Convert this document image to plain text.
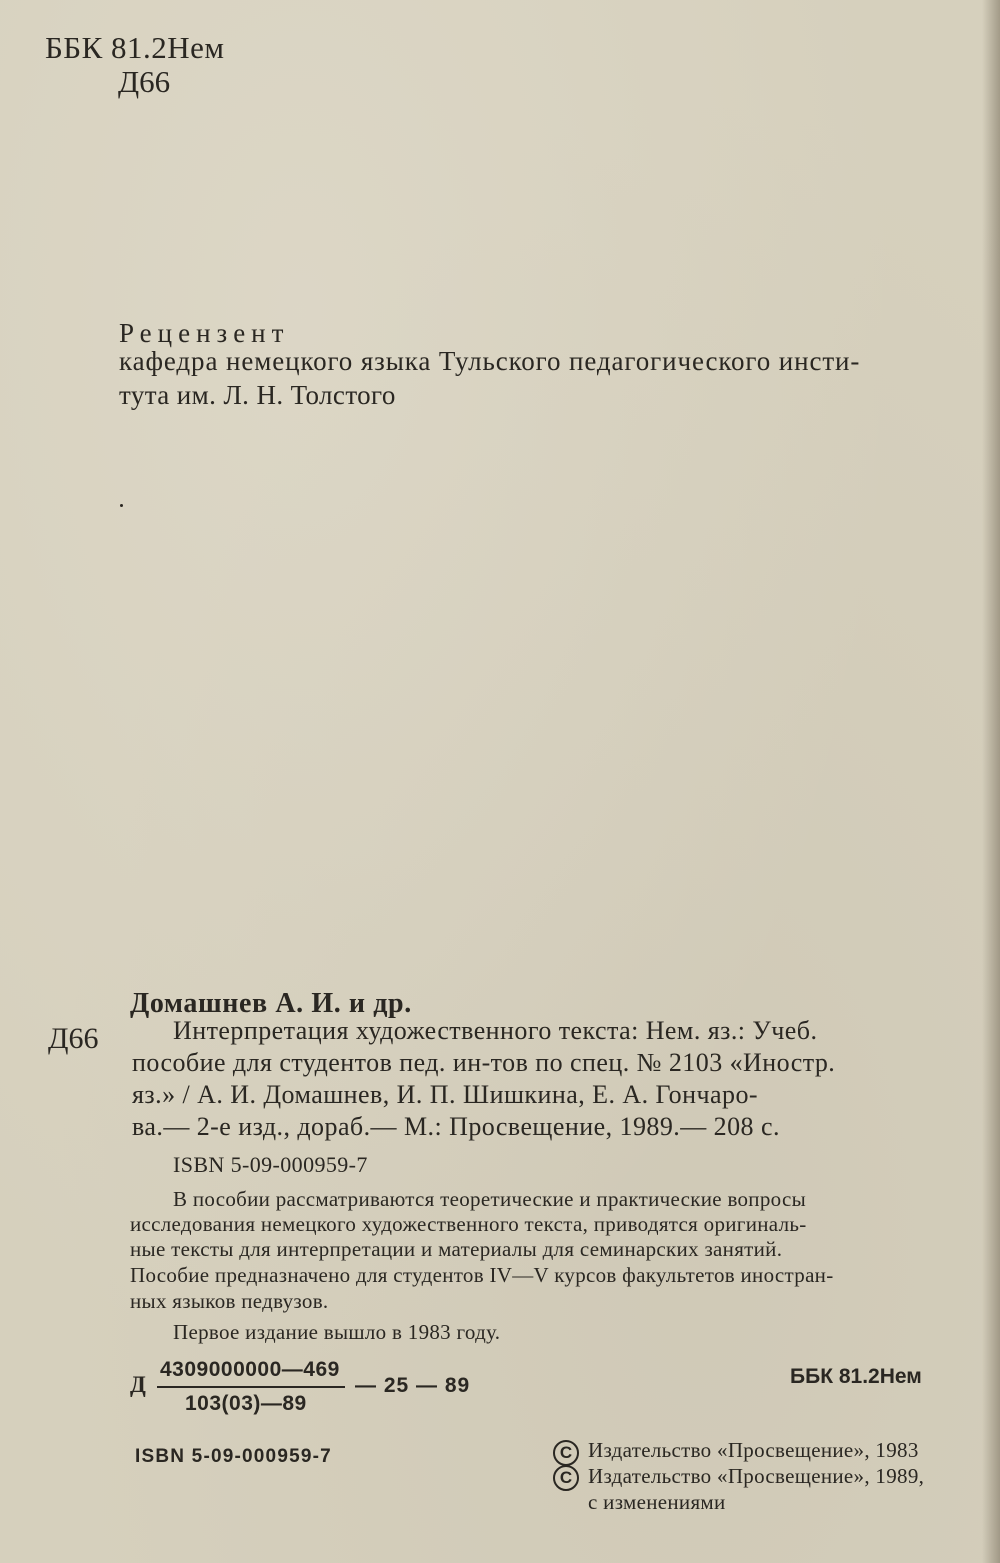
ББК 81.2Нем
Д66
Рецензент
кафедра немецкого языка Тульского педагогического инсти-
тута им. Л. Н. Толстого
Домашнев А. И. и др.
Д66	Интерпретация художественного текста: Нем. яз.: Учеб.
пособие для студентов пед. ин-тов по спец. № 2103 «Иностр.
яз.» / А. И. Домашнев, И. П. Шишкина, Е. А. Гончаро-
ва.— 2-е изд., дораб.— М.: Просвещение, 1989.— 208 с.
ISBN 5-09-000959-7
В пособии рассматриваются теоретические и практические вопросы
исследования немецкого художественного текста, приводятся оригиналь-
ные тексты для интерпретации и материалы для семинарских занятий.
Пособие предназначено для студентов IV—V курсов факультетов иностран-
ных языков педвузов.
Первое издание вышло в 1983 году.
Д
4309000000—469
103(03)—89
— 25 — 89	ББК 81.2Нем
ISBN 5-09-000959-7	C Издательство «Просвещение», 1983
C Издательство «Просвещение», 1989,
с изменениями
